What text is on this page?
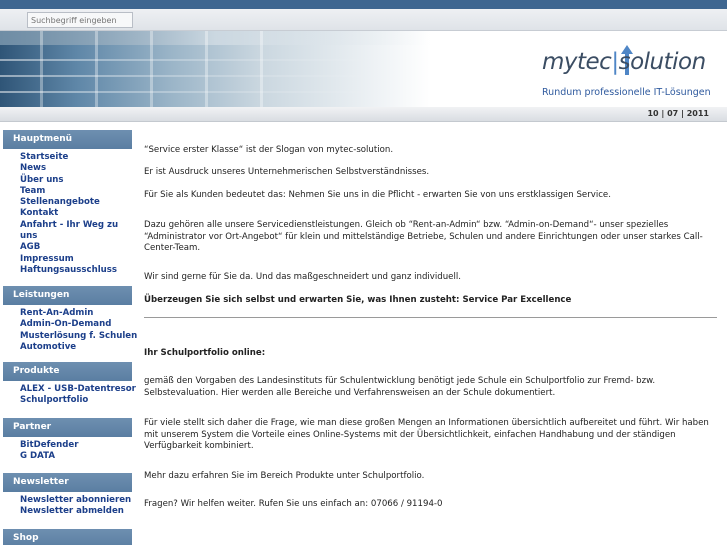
Suchbegriff eingeben
mytec|solution
Rundum professionelle IT-Lösungen
10 | 07 | 2011
Hauptmenü
Startseite
News
Über uns
Team
Stellenangebote
Kontakt
Anfahrt - Ihr Weg zu uns
AGB
Impressum
Haftungsausschluss
Leistungen
Rent-An-Admin
Admin-On-Demand
Musterlösung f. Schulen
Automotive
Produkte
ALEX - USB-Datentresor
Schulportfolio
Partner
BitDefender
G DATA
Newsletter
Newsletter abonnieren
Newsletter abmelden
Shop

“Service erster Klasse“ ist der Slogan von mytec-solution.

Er ist Ausdruck unseres Unternehmerischen Selbstverständnisses.

Für Sie als Kunden bedeutet das: Nehmen Sie uns in die Pflicht - erwarten Sie von uns erstklassigen Service.

Dazu gehören alle unsere Servicedienstleistungen. Gleich ob “Rent-an-Admin“ bzw. “Admin-on-Demand“- unser spezielles “Administrator vor Ort-Angebot“ für klein und mittelständige Betriebe, Schulen und andere Einrichtungen oder unser starkes Call-Center-Team.

Wir sind gerne für Sie da. Und das maßgeschneidert und ganz individuell.

Überzeugen Sie sich selbst und erwarten Sie, was Ihnen zusteht: Service Par Excellence

Ihr Schulportfolio online:

gemäß den Vorgaben des Landesinstituts für Schulentwicklung benötigt jede Schule ein Schulportfolio zur Fremd- bzw. Selbstevaluation. Hier werden alle Bereiche und Verfahrensweisen an der Schule dokumentiert.

Für viele stellt sich daher die Frage, wie man diese großen Mengen an Informationen übersichtlich aufbereitet und führt. Wir haben mit unserem System die Vorteile eines Online-Systems mit der Übersichtlichkeit, einfachen Handhabung und der ständigen Verfügbarkeit kombiniert.

Mehr dazu erfahren Sie im Bereich Produkte unter Schulportfolio.

Fragen? Wir helfen weiter. Rufen Sie uns einfach an: 07066 / 91194-0
